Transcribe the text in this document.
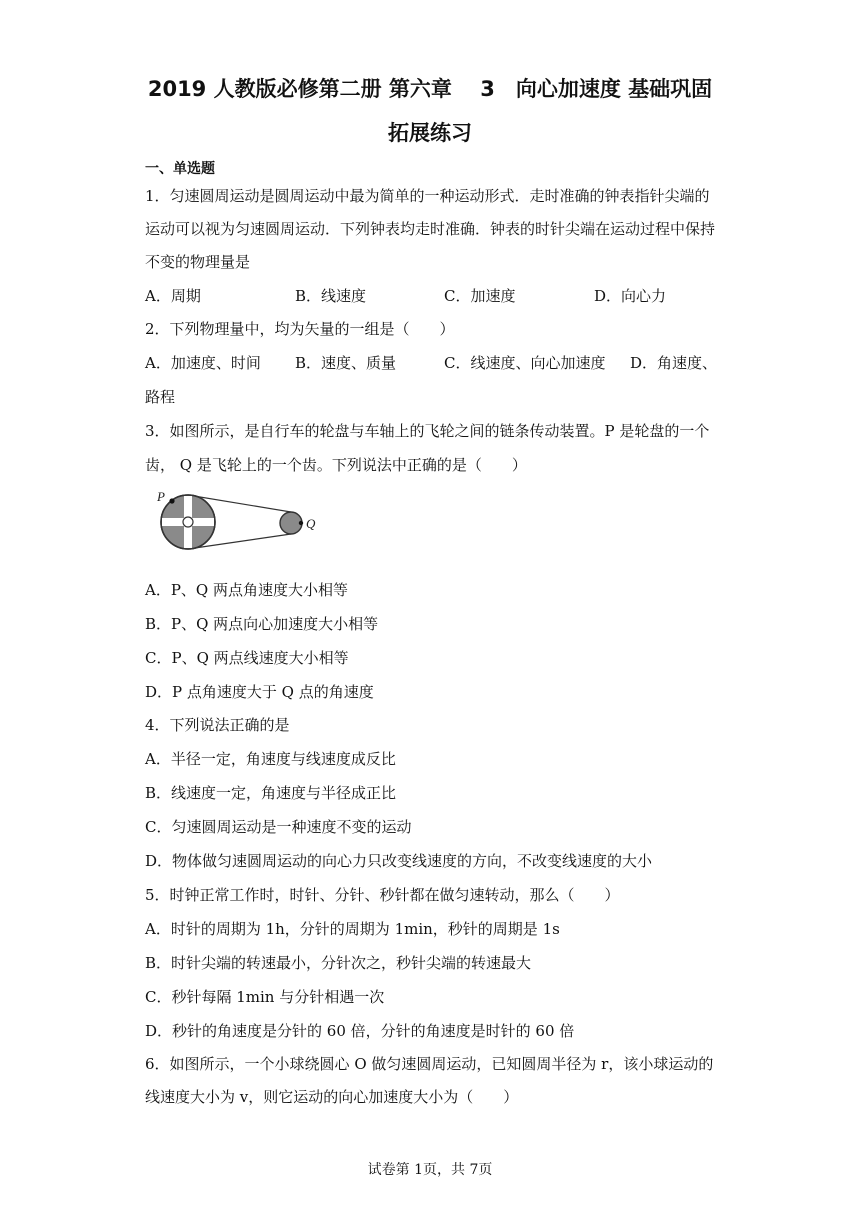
2019 人教版必修第二册 第六章　 3　向心加速度 基础巩固
拓展练习
一、单选题
1．匀速圆周运动是圆周运动中最为简单的一种运动形式．走时准确的钟表指针尖端的
运动可以视为匀速圆周运动．下列钟表均走时准确．钟表的时针尖端在运动过程中保持
不变的物理量是
A．周期	B．线速度	C．加速度	D．向心力
2．下列物理量中，均为矢量的一组是（　　）
A．加速度、时间 B．速度、质量	C．线速度、向心加速度 D．角速度、
路程
3．如图所示，是自行车的轮盘与车轴上的飞轮之间的链条传动装置。P 是轮盘的一个
齿， Q 是飞轮上的一个齿。下列说法中正确的是（　　）
P
Q
A．P、Q 两点角速度大小相等
B．P、Q 两点向心加速度大小相等
C．P、Q 两点线速度大小相等
D．P 点角速度大于 Q 点的角速度
4．下列说法正确的是
A．半径一定，角速度与线速度成反比
B．线速度一定，角速度与半径成正比
C．匀速圆周运动是一种速度不变的运动
D．物体做匀速圆周运动的向心力只改变线速度的方向，不改变线速度的大小
5．时钟正常工作时，时针、分针、秒针都在做匀速转动，那么（　　）
A．时针的周期为 1h，分针的周期为 1min，秒针的周期是 1s
B．时针尖端的转速最小，分针次之，秒针尖端的转速最大
C．秒针每隔 1min 与分针相遇一次
D．秒针的角速度是分针的 60 倍，分针的角速度是时针的 60 倍
6．如图所示，一个小球绕圆心 O 做匀速圆周运动，已知圆周半径为 r，该小球运动的
线速度大小为 v，则它运动的向心加速度大小为（　　）
试卷第 1页，共 7页
